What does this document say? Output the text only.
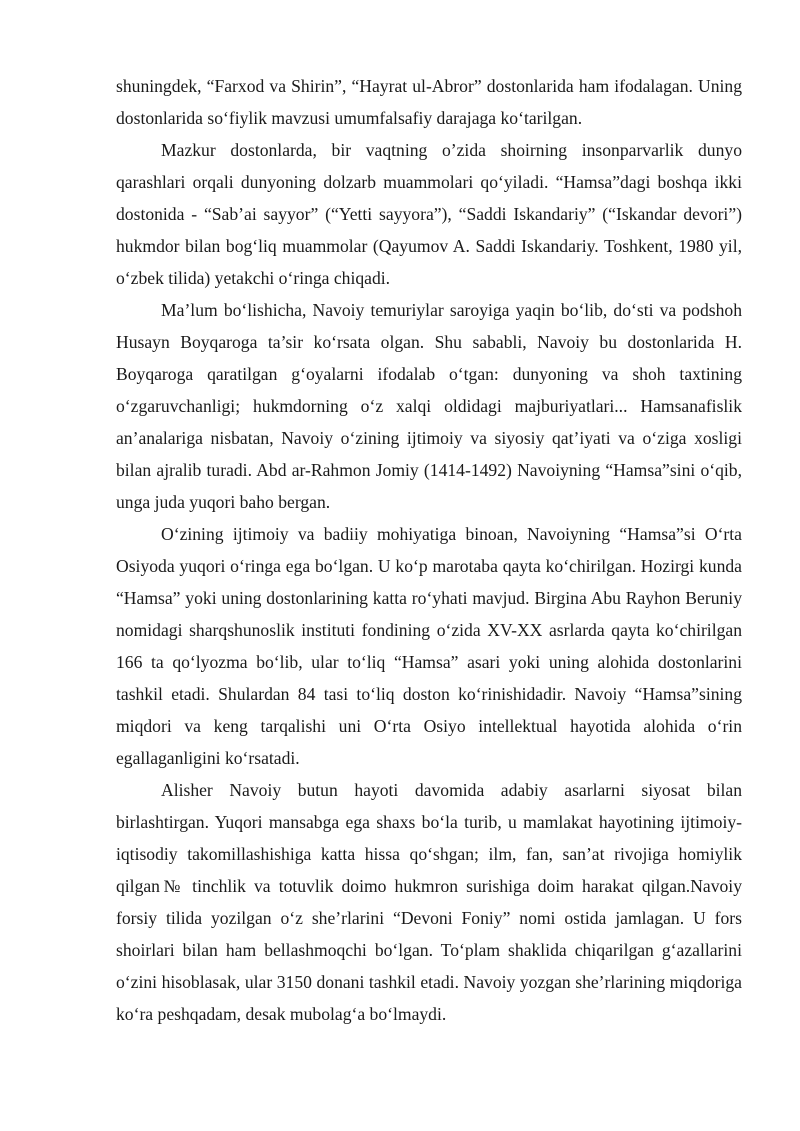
shuningdek, “Farxod va Shirin”, “Hayrat ul-Abror” dostonlarida ham ifodalagan. Uning dostonlarida so‘fiylik mavzusi umumfalsafiy darajaga ko‘tarilgan.

Mazkur dostonlarda, bir vaqtning o’zida shoirning insonparvarlik dunyo qarashlari orqali dunyoning dolzarb muammolari qo‘yiladi. “Hamsa”dagi boshqa ikki dostonida - “Sab’ai sayyor” (“Yetti sayyora”), “Saddi Iskandariy” (“Iskandar devori”) hukmdor bilan bog‘liq muammolar (Qayumov A. Saddi Iskandariy. Toshkent, 1980 yil, o‘zbek tilida) yetakchi o‘ringa chiqadi.

Ma’lum bo‘lishicha, Navoiy temuriylar saroyiga yaqin bo‘lib, do‘sti va podshoh Husayn Boyqaroga ta’sir ko‘rsata olgan. Shu sababli, Navoiy bu dostonlarida H. Boyqaroga qaratilgan g‘oyalarni ifodalab o‘tgan: dunyoning va shoh taxtining o‘zgaruvchanligi; hukmdorning o‘z xalqi oldidagi majburiyatlari... Hamsanafislik an’analariga nisbatan, Navoiy o‘zining ijtimoiy va siyosiy qat’iyati va o‘ziga xosligi bilan ajralib turadi. Abd ar-Rahmon Jomiy (1414-1492) Navoiyning “Hamsa”sini o‘qib, unga juda yuqori baho bergan.

O‘zining ijtimoiy va badiiy mohiyatiga binoan, Navoiyning “Hamsa”si O‘rta Osiyoda yuqori o‘ringa ega bo‘lgan. U ko‘p marotaba qayta ko‘chirilgan. Hozirgi kunda “Hamsa” yoki uning dostonlarining katta ro‘yhati mavjud. Birgina Abu Rayhon Beruniy nomidagi sharqshunoslik instituti fondining o‘zida XV-XX asrlarda qayta ko‘chirilgan 166 ta qo‘lyozma bo‘lib, ular to‘liq “Hamsa” asari yoki uning alohida dostonlarini tashkil etadi. Shulardan 84 tasi to‘liq doston ko‘rinishidadir. Navoiy “Hamsa”sining miqdori va keng tarqalishi uni O‘rta Osiyo intellektual hayotida alohida o‘rin egallaganligini ko‘rsatadi.

Alisher Navoiy butun hayoti davomida adabiy asarlarni siyosat bilan birlashtirgan. Yuqori mansabga ega shaxs bo‘la turib, u mamlakat hayotining ijtimoiy-iqtisodiy takomillashishiga katta hissa qo‘shgan; ilm, fan, san’at rivojiga homiylik qilgan№ tinchlik va totuvlik doimo hukmron surishiga doim harakat qilgan.Navoiy forsiy tilida yozilgan o‘z she’rlarini “Devoni Foniy” nomi ostida jamlagan. U fors shoirlari bilan ham bellashmoqchi bo‘lgan. To‘plam shaklida chiqarilgan g‘azallarini o‘zini hisoblasak, ular 3150 donani tashkil etadi. Navoiy yozgan she’rlarining miqdoriga ko‘ra peshqadam, desak mubolag‘a bo‘lmaydi.
